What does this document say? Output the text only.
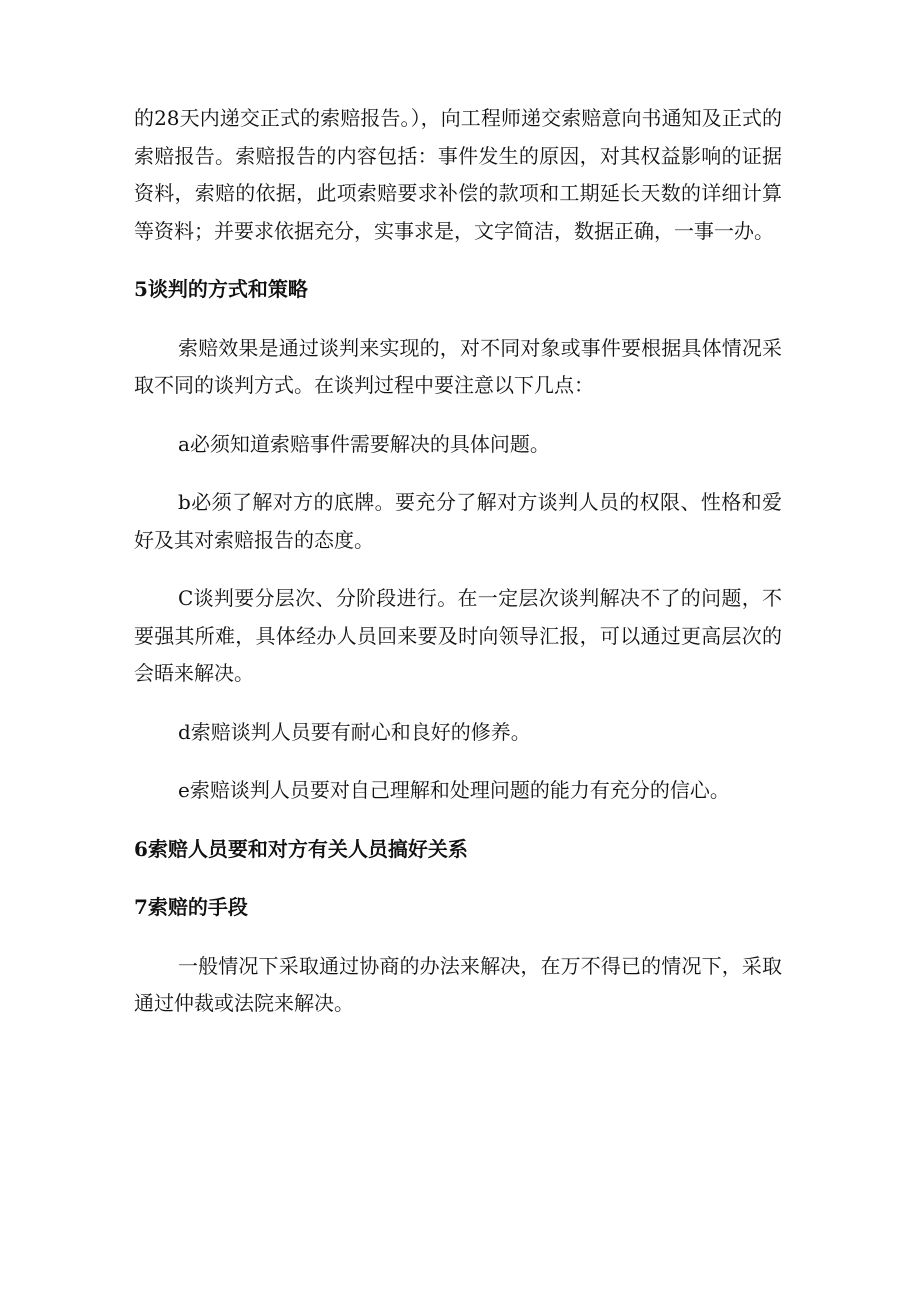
的28天内递交正式的索赔报告。），向工程师递交索赔意向书通知及正式的索赔报告。索赔报告的内容包括：事件发生的原因，对其权益影响的证据资料，索赔的依据，此项索赔要求补偿的款项和工期延长天数的详细计算等资料；并要求依据充分，实事求是，文字简洁，数据正确，一事一办。

5谈判的方式和策略

索赔效果是通过谈判来实现的，对不同对象或事件要根据具体情况采取不同的谈判方式。在谈判过程中要注意以下几点：

a必须知道索赔事件需要解决的具体问题。

b必须了解对方的底牌。要充分了解对方谈判人员的权限、性格和爱好及其对索赔报告的态度。

C谈判要分层次、分阶段进行。在一定层次谈判解决不了的问题，不要强其所难，具体经办人员回来要及时向领导汇报，可以通过更高层次的会晤来解决。

d索赔谈判人员要有耐心和良好的修养。

e索赔谈判人员要对自己理解和处理问题的能力有充分的信心。

6索赔人员要和对方有关人员搞好关系

7索赔的手段

一般情况下采取通过协商的办法来解决，在万不得已的情况下，采取通过仲裁或法院来解决。
